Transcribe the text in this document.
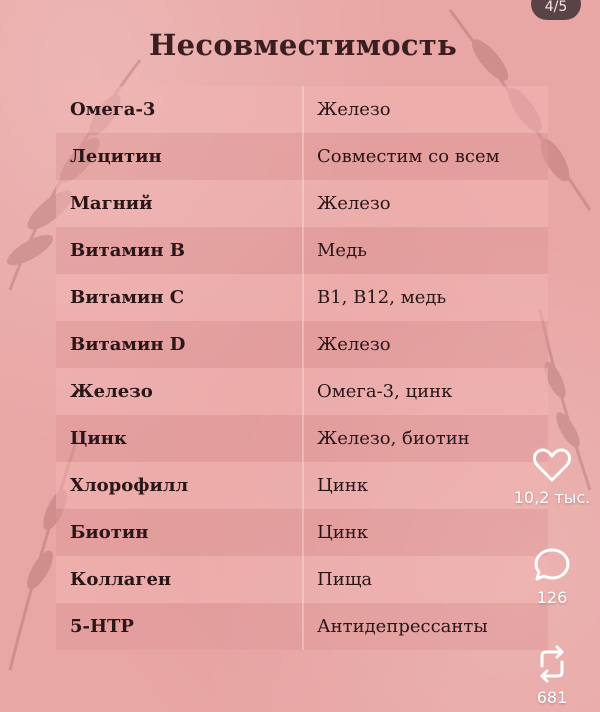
4/5
Несовместимость
Омега-3	Железо
Лецитин	Совместим со всем
Магний	Железо
Витамин В	Медь
Витамин С	В1, В12, медь
Витамин D	Железо
Железо	Омега-3, цинк
Цинк	Железо, биотин
Хлорофилл	Цинк
Биотин	Цинк
Коллаген	Пища
5-НТР	Антидепрессанты
10,2 тыс.
126
681
